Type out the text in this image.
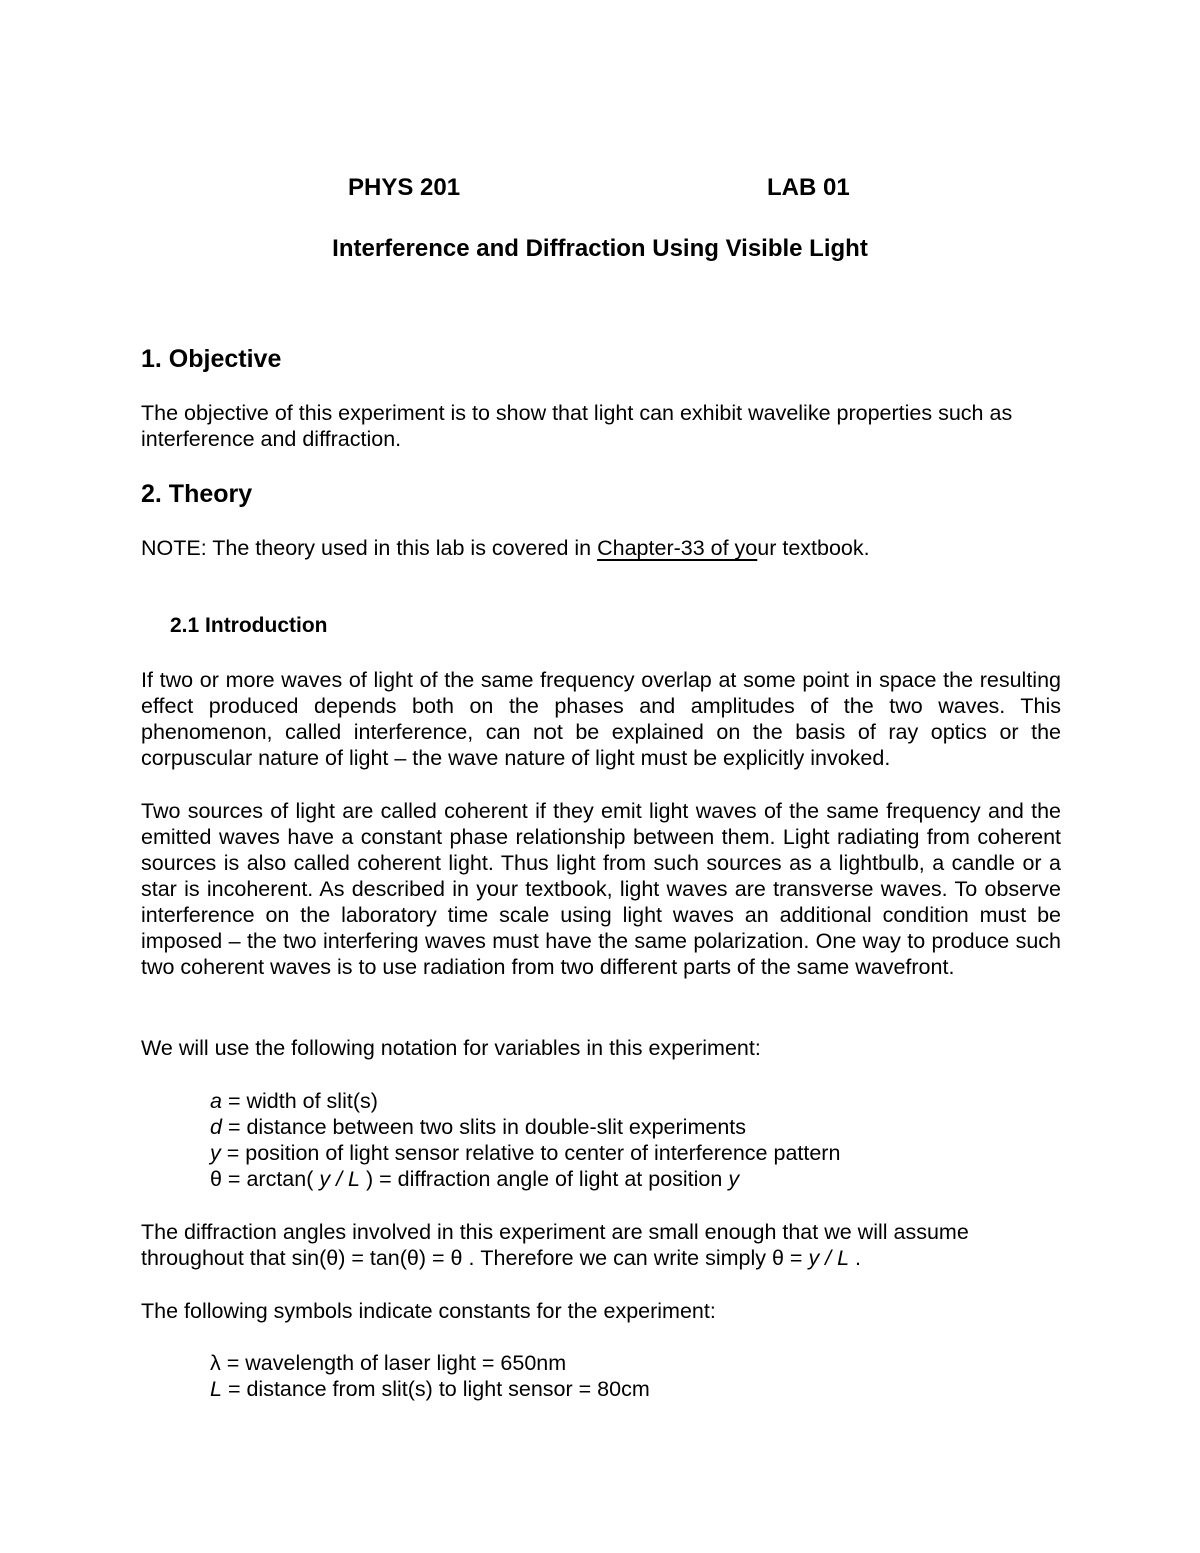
PHYS 201	LAB 01
Interference and Diffraction Using Visible Light
1. Objective
The objective of this experiment is to show that light can exhibit wavelike properties such as interference and diffraction.
2. Theory
NOTE: The theory used in this lab is covered in Chapter-33 of your textbook.
2.1 Introduction
If two or more waves of light of the same frequency overlap at some point in space the resulting effect produced depends both on the phases and amplitudes of the two waves. This phenomenon, called interference, can not be explained on the basis of ray optics or the corpuscular nature of light – the wave nature of light must be explicitly invoked.
Two sources of light are called coherent if they emit light waves of the same frequency and the emitted waves have a constant phase relationship between them. Light radiating from coherent sources is also called coherent light. Thus light from such sources as a lightbulb, a candle or a star is incoherent. As described in your textbook, light waves are transverse waves. To observe interference on the laboratory time scale using light waves an additional condition must be imposed – the two interfering waves must have the same polarization. One way to produce such two coherent waves is to use radiation from two different parts of the same wavefront.
We will use the following notation for variables in this experiment:
a = width of slit(s)
d = distance between two slits in double-slit experiments
y = position of light sensor relative to center of interference pattern
θ = arctan( y / L ) = diffraction angle of light at position y
The diffraction angles involved in this experiment are small enough that we will assume
throughout that sin(θ) = tan(θ) = θ . Therefore we can write simply θ = y / L .
The following symbols indicate constants for the experiment:
λ = wavelength of laser light = 650nm
L = distance from slit(s) to light sensor = 80cm
